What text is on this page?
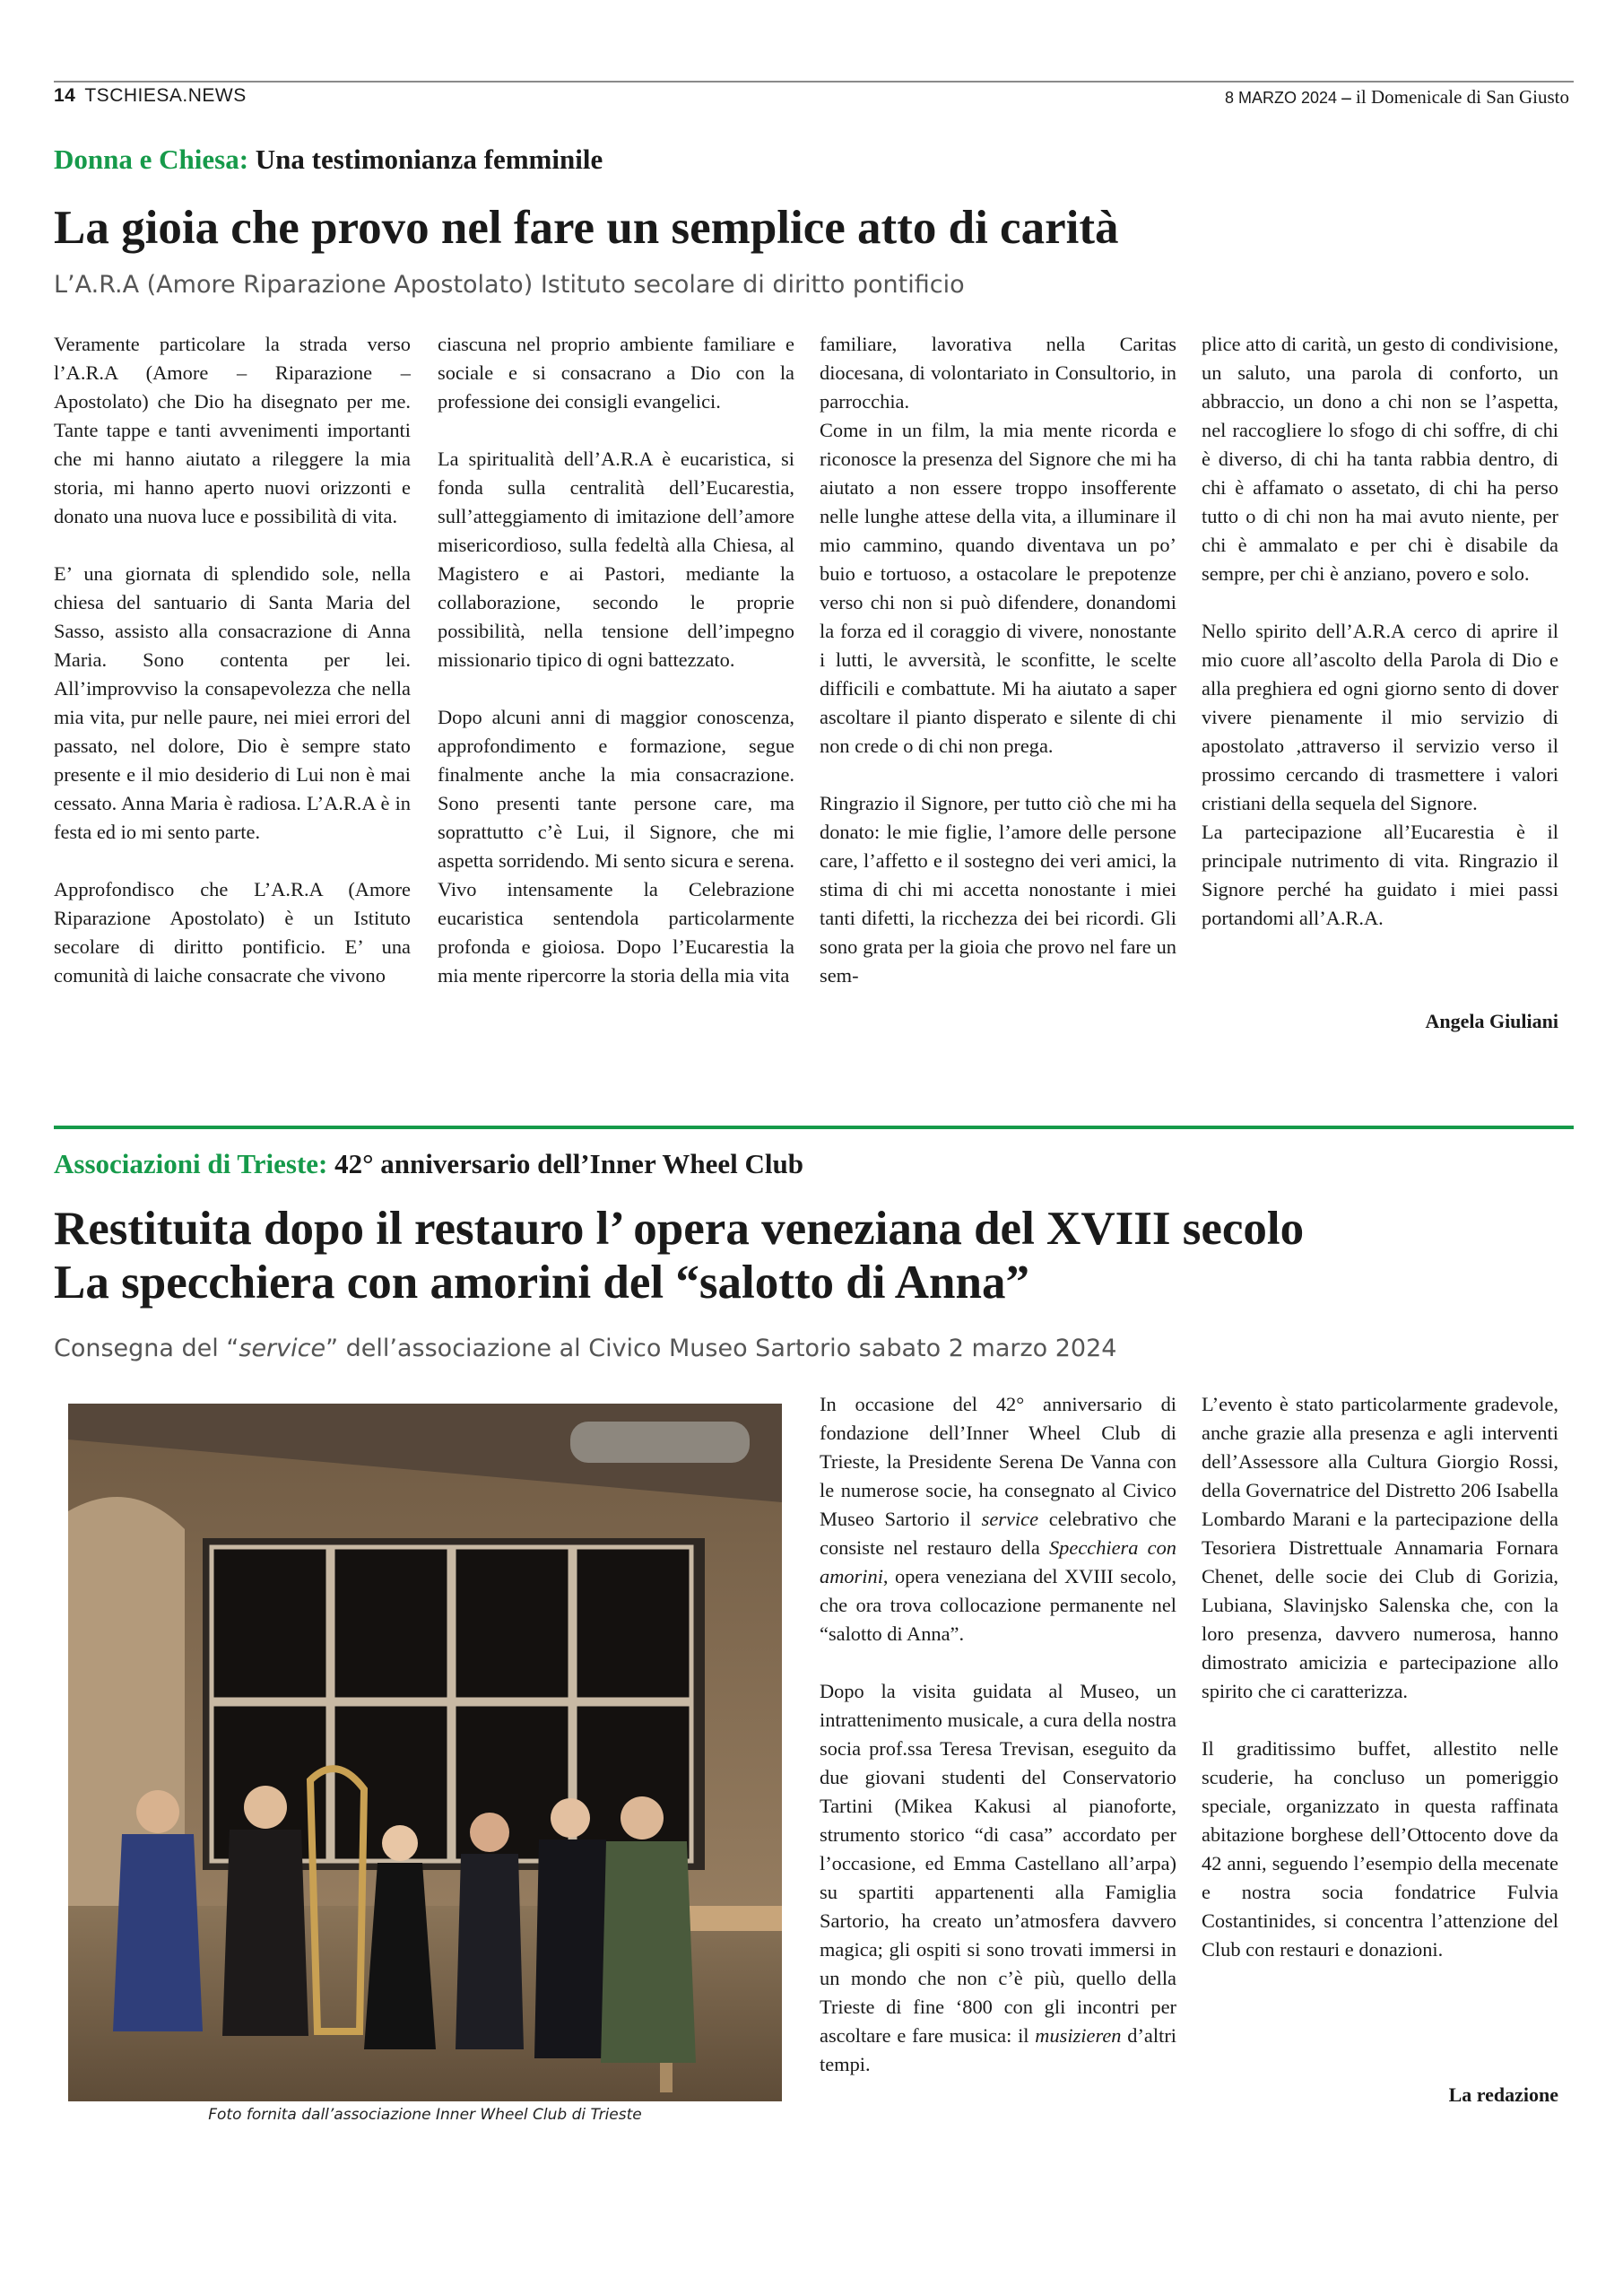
14 TSCHIESA.NEWS	8 MARZO 2024 – il Domenicale di San Giusto
Donna e Chiesa: Una testimonianza femminile
La gioia che provo nel fare un semplice atto di carità
L’A.R.A (Amore Riparazione Apostolato) Istituto secolare di diritto pontificio

Veramente particolare la strada verso l’A.R.A (Amore – Riparazione – Apostolato) che Dio ha disegnato per me. Tante tappe e tanti avvenimenti importanti che mi hanno aiutato a rileggere la mia storia, mi hanno aperto nuovi orizzonti e donato una nuova luce e possibilità di vita.

E’ una giornata di splendido sole, nella chiesa del santuario di Santa Maria del Sasso, assisto alla consacrazione di Anna Maria. Sono contenta per lei. All’improvviso la consapevolezza che nella mia vita, pur nelle paure, nei miei errori del passato, nel dolore, Dio è sempre stato presente e il mio desiderio di Lui non è mai cessato. Anna Maria è radiosa. L’A.R.A è in festa ed io mi sento parte.

Approfondisco che L’A.R.A (Amore Riparazione Apostolato) è un Istituto secolare di diritto pontificio. E’ una comunità di laiche consacrate che vivono

ciascuna nel proprio ambiente familiare e sociale e si consacrano a Dio con la professione dei consigli evangelici.

La spiritualità dell’A.R.A è eucaristica, si fonda sulla centralità dell’Eucarestia, sull’atteggiamento di imitazione dell’amore misericordioso, sulla fedeltà alla Chiesa, al Magistero e ai Pastori, mediante la collaborazione, secondo le proprie possibilità, nella tensione dell’impegno missionario tipico di ogni battezzato.

Dopo alcuni anni di maggior conoscenza, approfondimento e formazione, segue finalmente anche la mia consacrazione. Sono presenti tante persone care, ma soprattutto c’è Lui, il Signore, che mi aspetta sorridendo. Mi sento sicura e serena. Vivo intensamente la Celebrazione eucaristica sentendola particolarmente profonda e gioiosa. Dopo l’Eucarestia la mia mente ripercorre la storia della mia vita

familiare, lavorativa nella Caritas diocesana, di volontariato in Consultorio, in parrocchia.

Come in un film, la mia mente ricorda e riconosce la presenza del Signore che mi ha aiutato a non essere troppo insofferente nelle lunghe attese della vita, a illuminare il mio cammino, quando diventava un po’ buio e tortuoso, a ostacolare le prepotenze verso chi non si può difendere, donandomi la forza ed il coraggio di vivere, nonostante i lutti, le avversità, le sconfitte, le scelte difficili e combattute. Mi ha aiutato a saper ascoltare il pianto disperato e silente di chi non crede o di chi non prega.

Ringrazio il Signore, per tutto ciò che mi ha donato: le mie figlie, l’amore delle persone care, l’affetto e il sostegno dei veri amici, la stima di chi mi accetta nonostante i miei tanti difetti, la ricchezza dei bei ricordi. Gli sono grata per la gioia che provo nel fare un sem-

plice atto di carità, un gesto di condivisione, un saluto, una parola di conforto, un abbraccio, un dono a chi non se l’aspetta, nel raccogliere lo sfogo di chi soffre, di chi è diverso, di chi ha tanta rabbia dentro, di chi è affamato o assetato, di chi ha perso tutto o di chi non ha mai avuto niente, per chi è ammalato e per chi è disabile da sempre, per chi è anziano, povero e solo.

Nello spirito dell’A.R.A cerco di aprire il mio cuore all’ascolto della Parola di Dio e alla preghiera ed ogni giorno sento di dover vivere pienamente il mio servizio di apostolato ,attraverso il servizio verso il prossimo cercando di trasmettere i valori cristiani della sequela del Signore.

La partecipazione all’Eucarestia è il principale nutrimento di vita. Ringrazio il Signore perché ha guidato i miei passi portandomi all’A.R.A.

Angela Giuliani
Associazioni di Trieste: 42° anniversario dell’Inner Wheel Club
Restituita dopo il restauro l’ opera veneziana del XVIII secolo
La specchiera con amorini del “salotto di Anna”
Consegna del “service” dell’associazione al Civico Museo Sartorio sabato 2 marzo 2024
Foto fornita dall’associazione Inner Wheel Club di Trieste

In occasione del 42° anniversario di fondazione dell’Inner Wheel Club di Trieste, la Presidente Serena De Vanna con le numerose socie, ha consegnato al Civico Museo Sartorio il service celebrativo che consiste nel restauro della Specchiera con amorini, opera veneziana del XVIII secolo, che ora trova collocazione permanente nel “salotto di Anna”.

Dopo la visita guidata al Museo, un intrattenimento musicale, a cura della nostra socia prof.ssa Teresa Trevisan, eseguito da due giovani studenti del Conservatorio Tartini (Mikea Kakusi al pianoforte, strumento storico “di casa” accordato per l’occasione, ed Emma Castellano all’arpa) su spartiti appartenenti alla Famiglia Sartorio, ha creato un’atmosfera davvero magica; gli ospiti si sono trovati immersi in un mondo che non c’è più, quello della Trieste di fine ‘800 con gli incontri per ascoltare e fare musica: il musizieren d’altri tempi.

L’evento è stato particolarmente gradevole, anche grazie alla presenza e agli interventi dell’Assessore alla Cultura Giorgio Rossi, della Governatrice del Distretto 206 Isabella Lombardo Marani e la partecipazione della Tesoriera Distrettuale Annamaria Fornara Chenet, delle socie dei Club di Gorizia, Lubiana, Slavinjsko Salenska che, con la loro presenza, davvero numerosa, hanno dimostrato amicizia e partecipazione allo spirito che ci caratterizza.

Il graditissimo buffet, allestito nelle scuderie, ha concluso un pomeriggio speciale, organizzato in questa raffinata abitazione borghese dell’Ottocento dove da 42 anni, seguendo l’esempio della mecenate e nostra socia fondatrice Fulvia Costantinides, si concentra l’attenzione del Club con restauri e donazioni.

La redazione
